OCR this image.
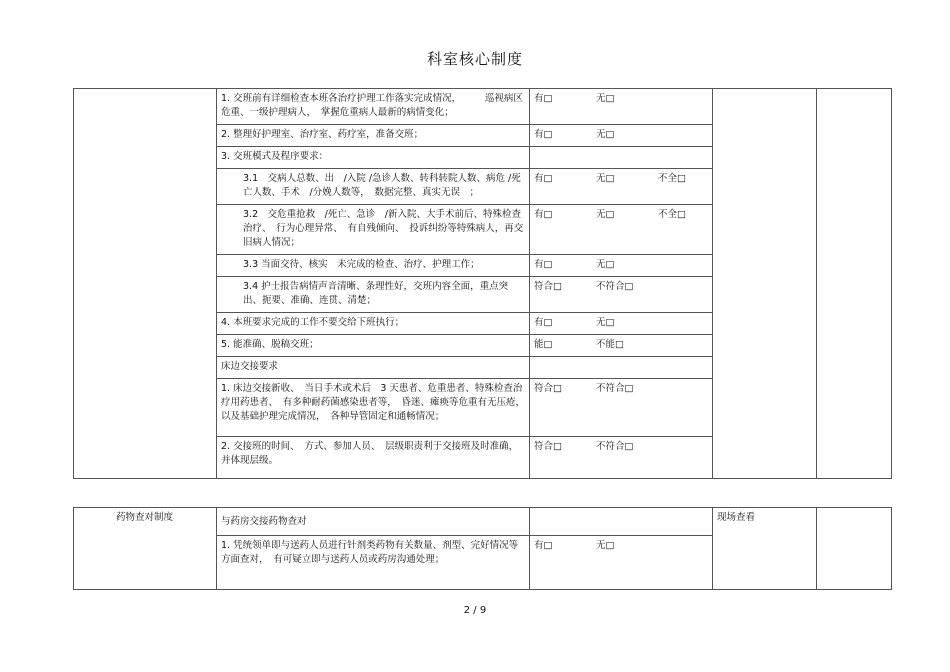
科室核心制度
	1. 交班前有详细检查本班各治疗护理工作落实完成情况，　　　巡视病区危重、一级护理病人，　掌握危重病人最新的病情变化；	有□ 无□		
	2. 整理好护理室、治疗室、药疗室，准备交班；	有□ 无□		
	3. 交班模式及程序要求：			
	3.1　交病人总数、出　/入院 /急诊人数、转科转院人数、病危 /死亡人数、手术　/分娩人数等，　数据完整、真实无误　；	有□ 无□ 不全□		
	3.2　交危重抢救　/死亡、急诊　/新入院、大手术前后、特殊检查治疗、　行为心理异常、　有自残倾向、　投诉纠纷等特殊病人，再交旧病人情况；	有□ 无□ 不全□		
	3.3 当面交待、核实　未完成的检查、治疗、护理工作；	有□ 无□		
	3.4 护士报告病情声音清晰、条理性好，交班内容全面，重点突出、扼要、准确、连贯、清楚；	符合□ 不符合□		
	4. 本班要求完成的工作不要交给下班执行；	有□ 无□		
	5. 能准确、脱稿交班；	能□ 不能□		
	床边交接要求			
	1. 床边交接新收、　当日手术或术后　3 天患者、危重患者、特殊检查治疗用药患者、　有多种耐药菌感染患者等，　昏迷、瘫痪等危重有无压疮，　以及基础护理完成情况，　各种导管固定和通畅情况；	符合□ 不符合□		
	2. 交接班的时间、　方式、参加人员、　层级职责利于交接班及时准确，并体现层级。	符合□ 不符合□		
药物查对制度	与药房交接药物查对		现场查看	
	1. 凭统领单即与送药人员进行针剂类药物有关数量、剂型、完好情况等方面查对，　有可疑立即与送药人员或药房沟通处理；	有□ 无□		
2 / 9
